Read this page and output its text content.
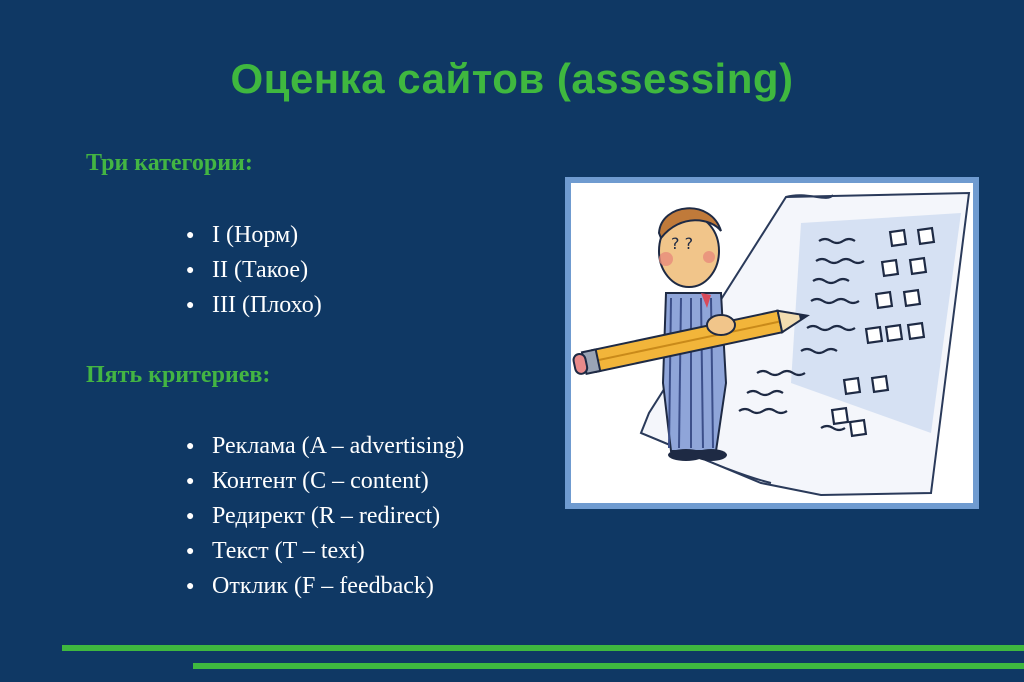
Оценка сайтов (assessing)
Три категории:
● I (Норм)
● II (Такое)
● III (Плохо)
Пять критериев:
● Реклама (A – advertising)
● Контент (C – content)
● Редирект (R – redirect)
● Текст (T – text)
● Отклик (F – feedback)
? ?
